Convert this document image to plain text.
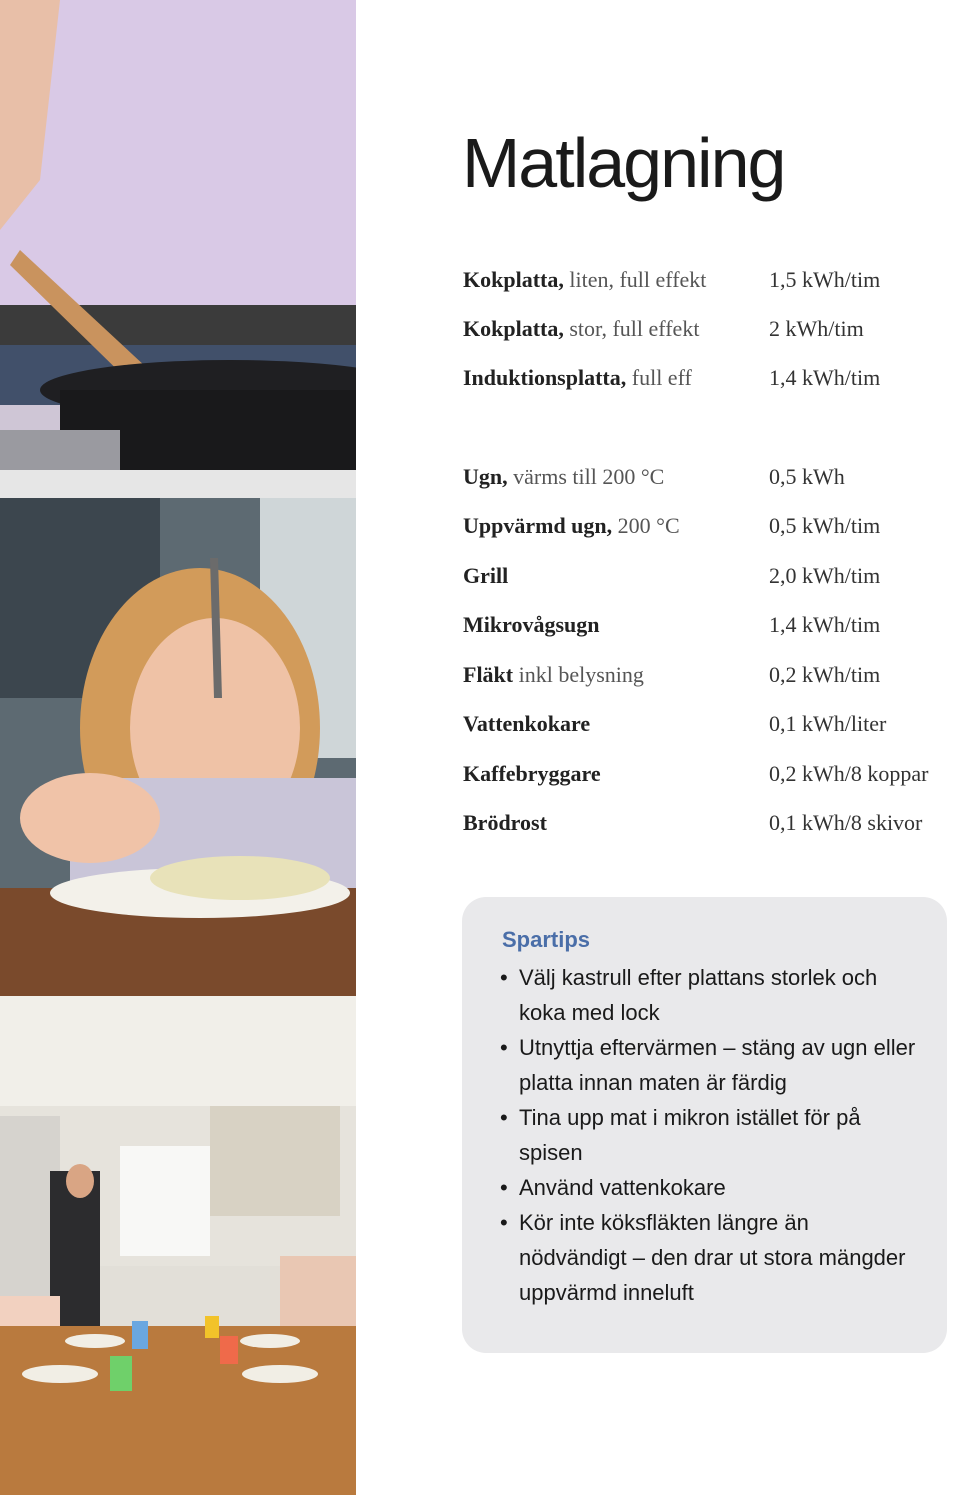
Matlagning
Kokplatta, liten, full effekt	1,5 kWh/tim
Kokplatta, stor, full effekt	2 kWh/tim
Induktionsplatta, full eff	1,4 kWh/tim
Ugn, värms till 200 °C	0,5 kWh
Uppvärmd ugn, 200 °C	0,5 kWh/tim
Grill	2,0 kWh/tim
Mikrovågsugn	1,4 kWh/tim
Fläkt inkl belysning	0,2 kWh/tim
Vattenkokare	0,1 kWh/liter
Kaffebryggare	0,2 kWh/8 koppar
Brödrost	0,1 kWh/8 skivor
Spartips
• Välj kastrull efter plattans storlek och koka med lock
• Utnyttja eftervärmen – stäng av ugn eller platta innan maten är färdig
• Tina upp mat i mikron istället för på spisen
• Använd vattenkokare
• Kör inte köksfläkten längre än nödvändigt – den drar ut stora mängder uppvärmd inneluft
